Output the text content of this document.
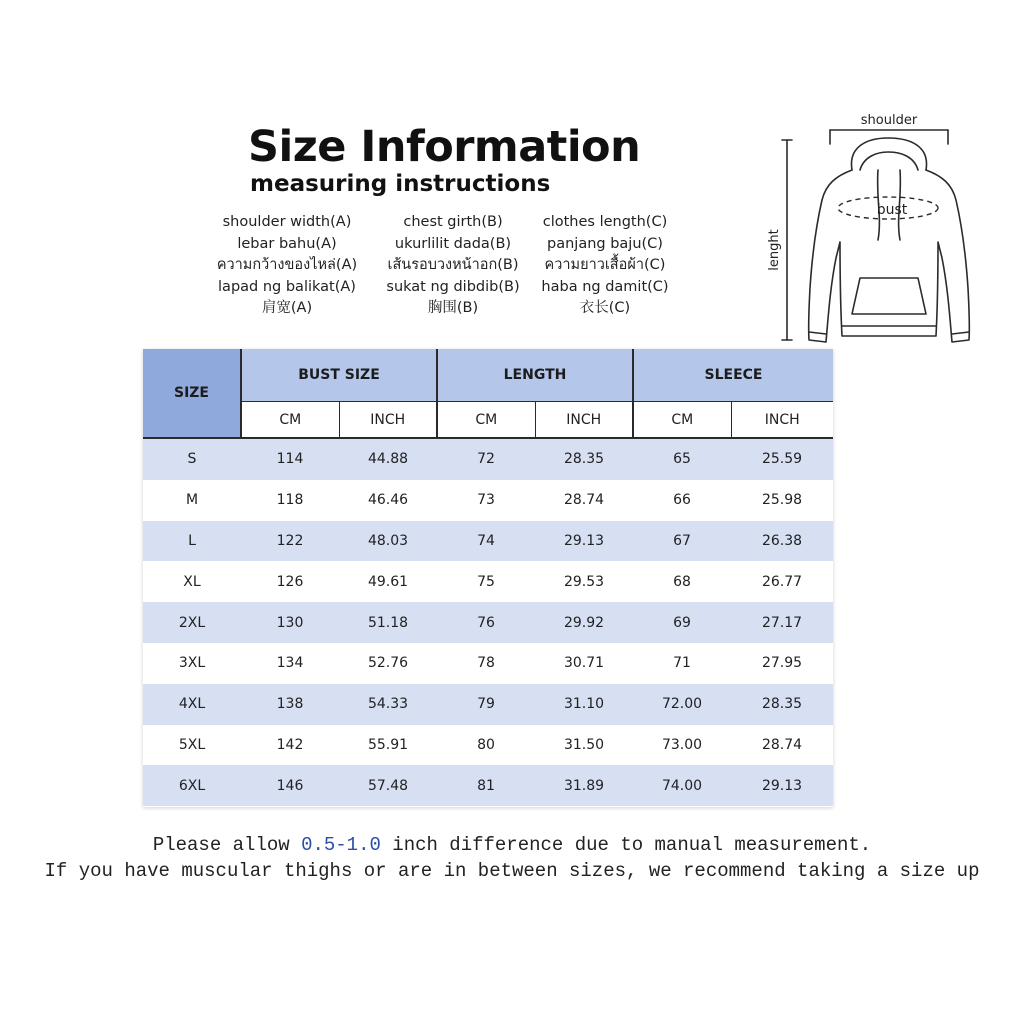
Size Information
measuring instructions
shoulder width(A)
lebar bahu(A)
ความกว้างของไหล่(A)
lapad ng balikat(A)
肩宽(A)
chest girth(B)
ukurlilit dada(B)
เส้นรอบวงหน้าอก(B)
sukat ng dibdib(B)
胸围(B)
clothes length(C)
panjang baju(C)
ความยาวเสื้อผ้า(C)
haba ng damit(C)
衣长(C)
shoulder
bust
lenght
SIZE	BUST SIZE		LENGTH		SLEECE	
	CM	INCH	CM	INCH	CM	INCH
S	114	44.88	72	28.35	65	25.59
M	118	46.46	73	28.74	66	25.98
L	122	48.03	74	29.13	67	26.38
XL	126	49.61	75	29.53	68	26.77
2XL	130	51.18	76	29.92	69	27.17
3XL	134	52.76	78	30.71	71	27.95
4XL	138	54.33	79	31.10	72.00	28.35
5XL	142	55.91	80	31.50	73.00	28.74
6XL	146	57.48	81	31.89	74.00	29.13

Please allow 0.5-1.0 inch difference due to manual measurement.

If you have muscular thighs or are in between sizes, we recommend taking a size up
